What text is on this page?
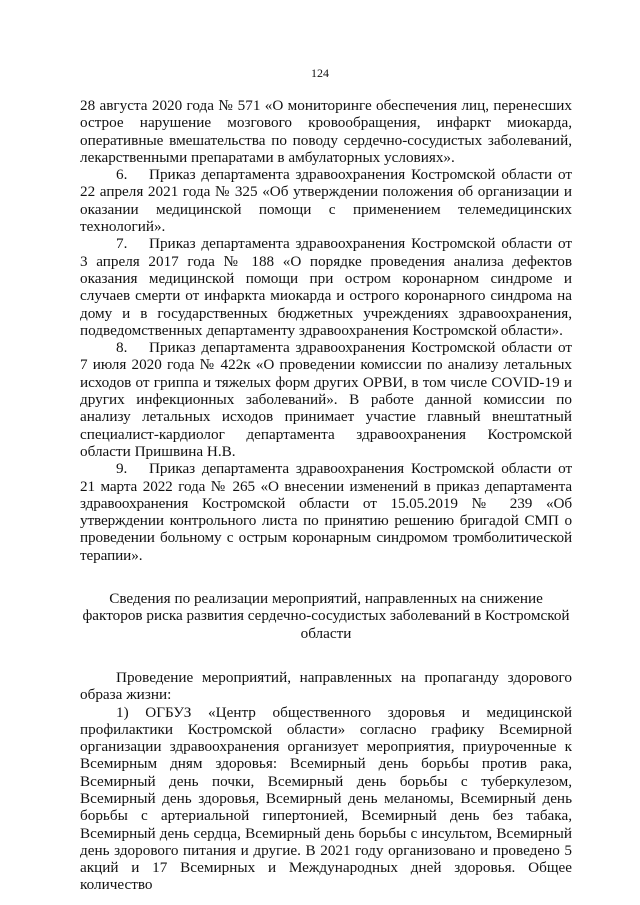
124

28 августа 2020 года № 571 «О мониторинге обеспечения лиц, перенесших острое нарушение мозгового кровообращения, инфаркт миокарда, оперативные вмешательства по поводу сердечно-сосудистых заболеваний, лекарственными препаратами в амбулаторных условиях».

6. Приказ департамента здравоохранения Костромской области от 22 апреля 2021 года № 325 «Об утверждении положения об организации и оказании медицинской помощи с применением телемедицинских технологий».

7. Приказ департамента здравоохранения Костромской области от 3 апреля 2017 года № 188 «О порядке проведения анализа дефектов оказания медицинской помощи при остром коронарном синдроме и случаев смерти от инфаркта миокарда и острого коронарного синдрома на дому и в государственных бюджетных учреждениях здравоохранения, подведомственных департаменту здравоохранения Костромской области».

8. Приказ департамента здравоохранения Костромской области от 7 июля 2020 года № 422к «О проведении комиссии по анализу летальных исходов от гриппа и тяжелых форм других ОРВИ, в том числе COVID-19 и других инфекционных заболеваний». В работе данной комиссии по анализу летальных исходов принимает участие главный внештатный специалист-кардиолог департамента здравоохранения Костромской области Пришвина Н.В.

9. Приказ департамента здравоохранения Костромской области от 21 марта 2022 года № 265 «О внесении изменений в приказ департамента здравоохранения Костромской области от 15.05.2019 № 239 «Об утверждении контрольного листа по принятию решению бригадой СМП о проведении больному с острым коронарным синдромом тромболитической терапии».

Сведения по реализации мероприятий, направленных на снижение факторов риска развития сердечно-сосудистых заболеваний в Костромской области

Проведение мероприятий, направленных на пропаганду здорового образа жизни:

1) ОГБУЗ «Центр общественного здоровья и медицинской профилактики Костромской области» согласно графику Всемирной организации здравоохранения организует мероприятия, приуроченные к Всемирным дням здоровья: Всемирный день борьбы против рака, Всемирный день почки, Всемирный день борьбы с туберкулезом, Всемирный день здоровья, Всемирный день меланомы, Всемирный день борьбы с артериальной гипертонией, Всемирный день без табака, Всемирный день сердца, Всемирный день борьбы с инсультом, Всемирный день здорового питания и другие. В 2021 году организовано и проведено 5 акций и 17 Всемирных и Международных дней здоровья. Общее количество
